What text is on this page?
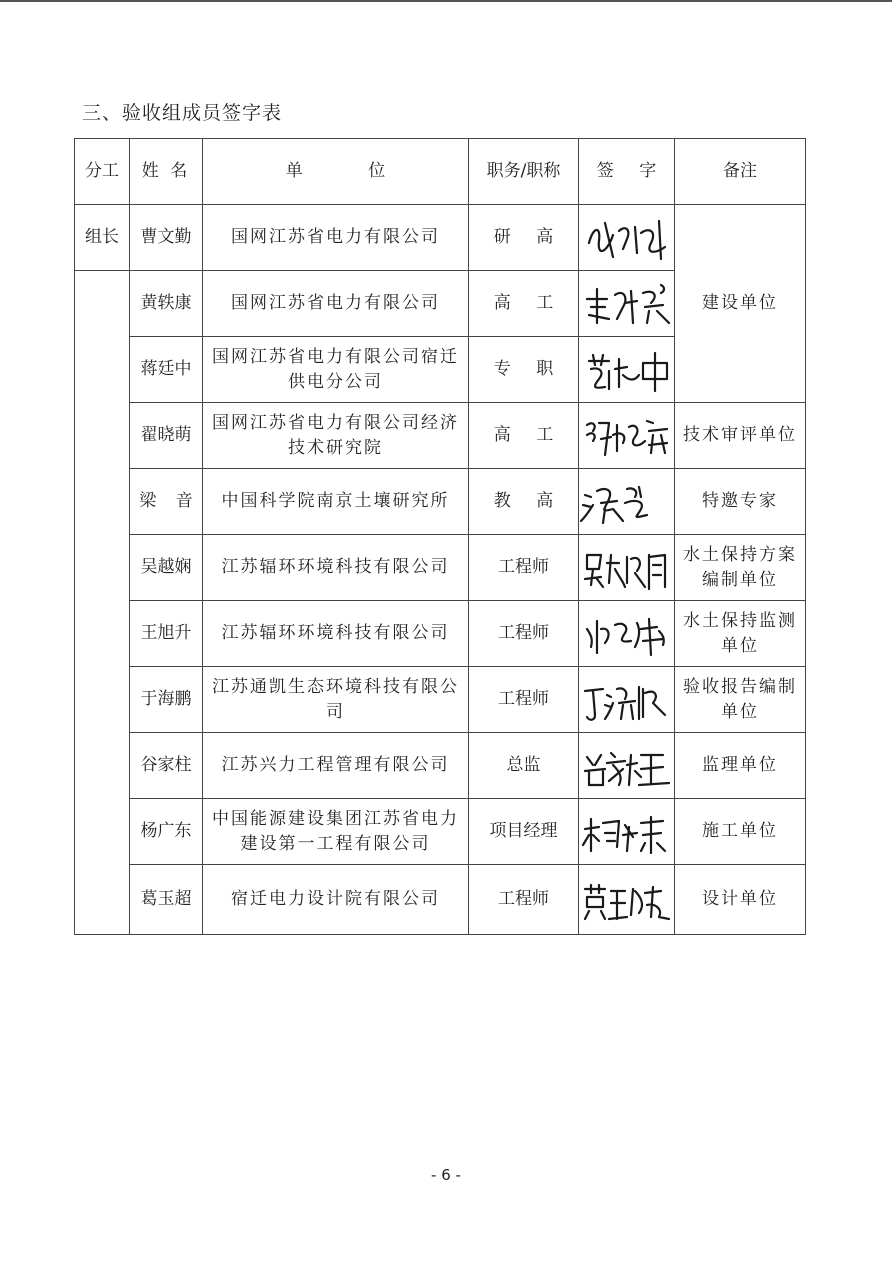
三、验收组成员签字表
分工	姓 名	单 位	职务/职称	签 字	备注
组长	曹文勤	国网江苏省电力有限公司	研 高		建设单位
	黄轶康	国网江苏省电力有限公司	高 工	

	蒋廷中	国网江苏省电力有限公司宿迁供电分公司	专 职	

	翟晓萌	国网江苏省电力有限公司经济技术研究院	高 工		技术审评单位
	梁 音	中国科学院南京土壤研究所	教 高		特邀专家
	吴越娴	江苏辐环环境科技有限公司	工程师		水土保持方案编制单位
	王旭升	江苏辐环环境科技有限公司	工程师		水土保持监测单位
	于海鹏	江苏通凯生态环境科技有限公司	工程师		验收报告编制单位
	谷家柱	江苏兴力工程管理有限公司	总监		监理单位
	杨广东	中国能源建设集团江苏省电力建设第一工程有限公司	项目经理		施工单位
	葛玉超	宿迁电力设计院有限公司	工程师		设计单位
- 6 -
